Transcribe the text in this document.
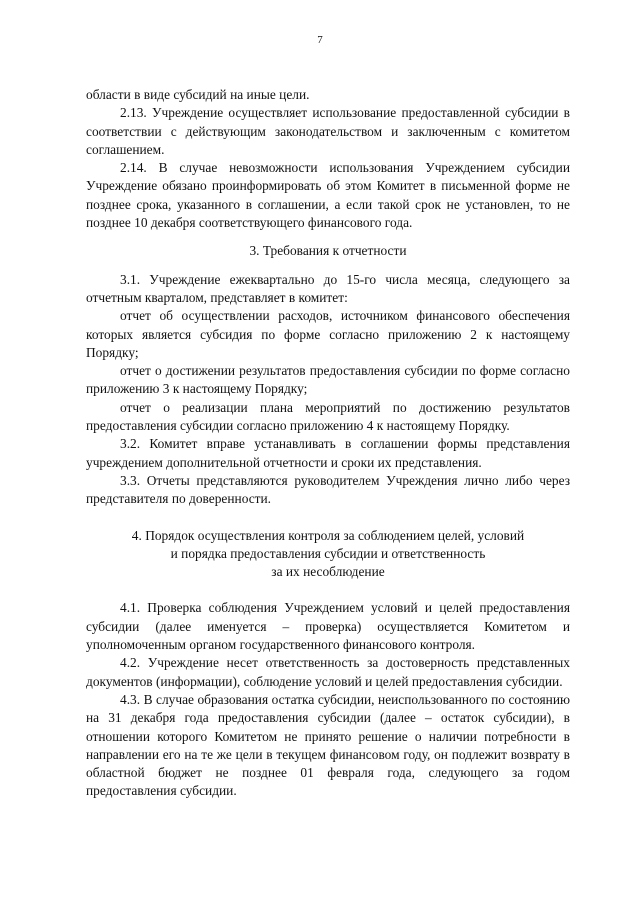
7

области в виде субсидий на иные цели.

2.13. Учреждение осуществляет использование предоставленной субсидии в соответствии с действующим законодательством и заключенным с комитетом соглашением.

2.14. В случае невозможности использования Учреждением субсидии Учреждение обязано проинформировать об этом Комитет в письменной форме не позднее срока, указанного в соглашении, а если такой срок не установлен, то не позднее 10 декабря соответствующего финансового года.

3. Требования к отчетности

3.1. Учреждение ежеквартально до 15-го числа месяца, следующего за отчетным кварталом, представляет в комитет:

отчет об осуществлении расходов, источником финансового обеспечения которых является субсидия по форме согласно приложению 2 к настоящему Порядку;

отчет о достижении результатов предоставления субсидии по форме согласно приложению 3 к настоящему Порядку;

отчет о реализации плана мероприятий по достижению результатов предоставления субсидии согласно приложению 4 к настоящему Порядку.

3.2. Комитет вправе устанавливать в соглашении формы представления учреждением дополнительной отчетности и сроки их представления.

3.3. Отчеты представляются руководителем Учреждения лично либо через представителя по доверенности.

4. Порядок осуществления контроля за соблюдением целей, условий

и порядка предоставления субсидии и ответственность

за их несоблюдение

4.1. Проверка соблюдения Учреждением условий и целей предоставления субсидии (далее именуется – проверка) осуществляется Комитетом и уполномоченным органом государственного финансового контроля.

4.2. Учреждение несет ответственность за достоверность представленных документов (информации), соблюдение условий и целей предоставления субсидии.

4.3. В случае образования остатка субсидии, неиспользованного по состоянию на 31 декабря года предоставления субсидии (далее – остаток субсидии), в отношении которого Комитетом не принято решение о наличии потребности в направлении его на те же цели в текущем финансовом году, он подлежит возврату в областной бюджет не позднее 01 февраля года, следующего за годом предоставления субсидии.
